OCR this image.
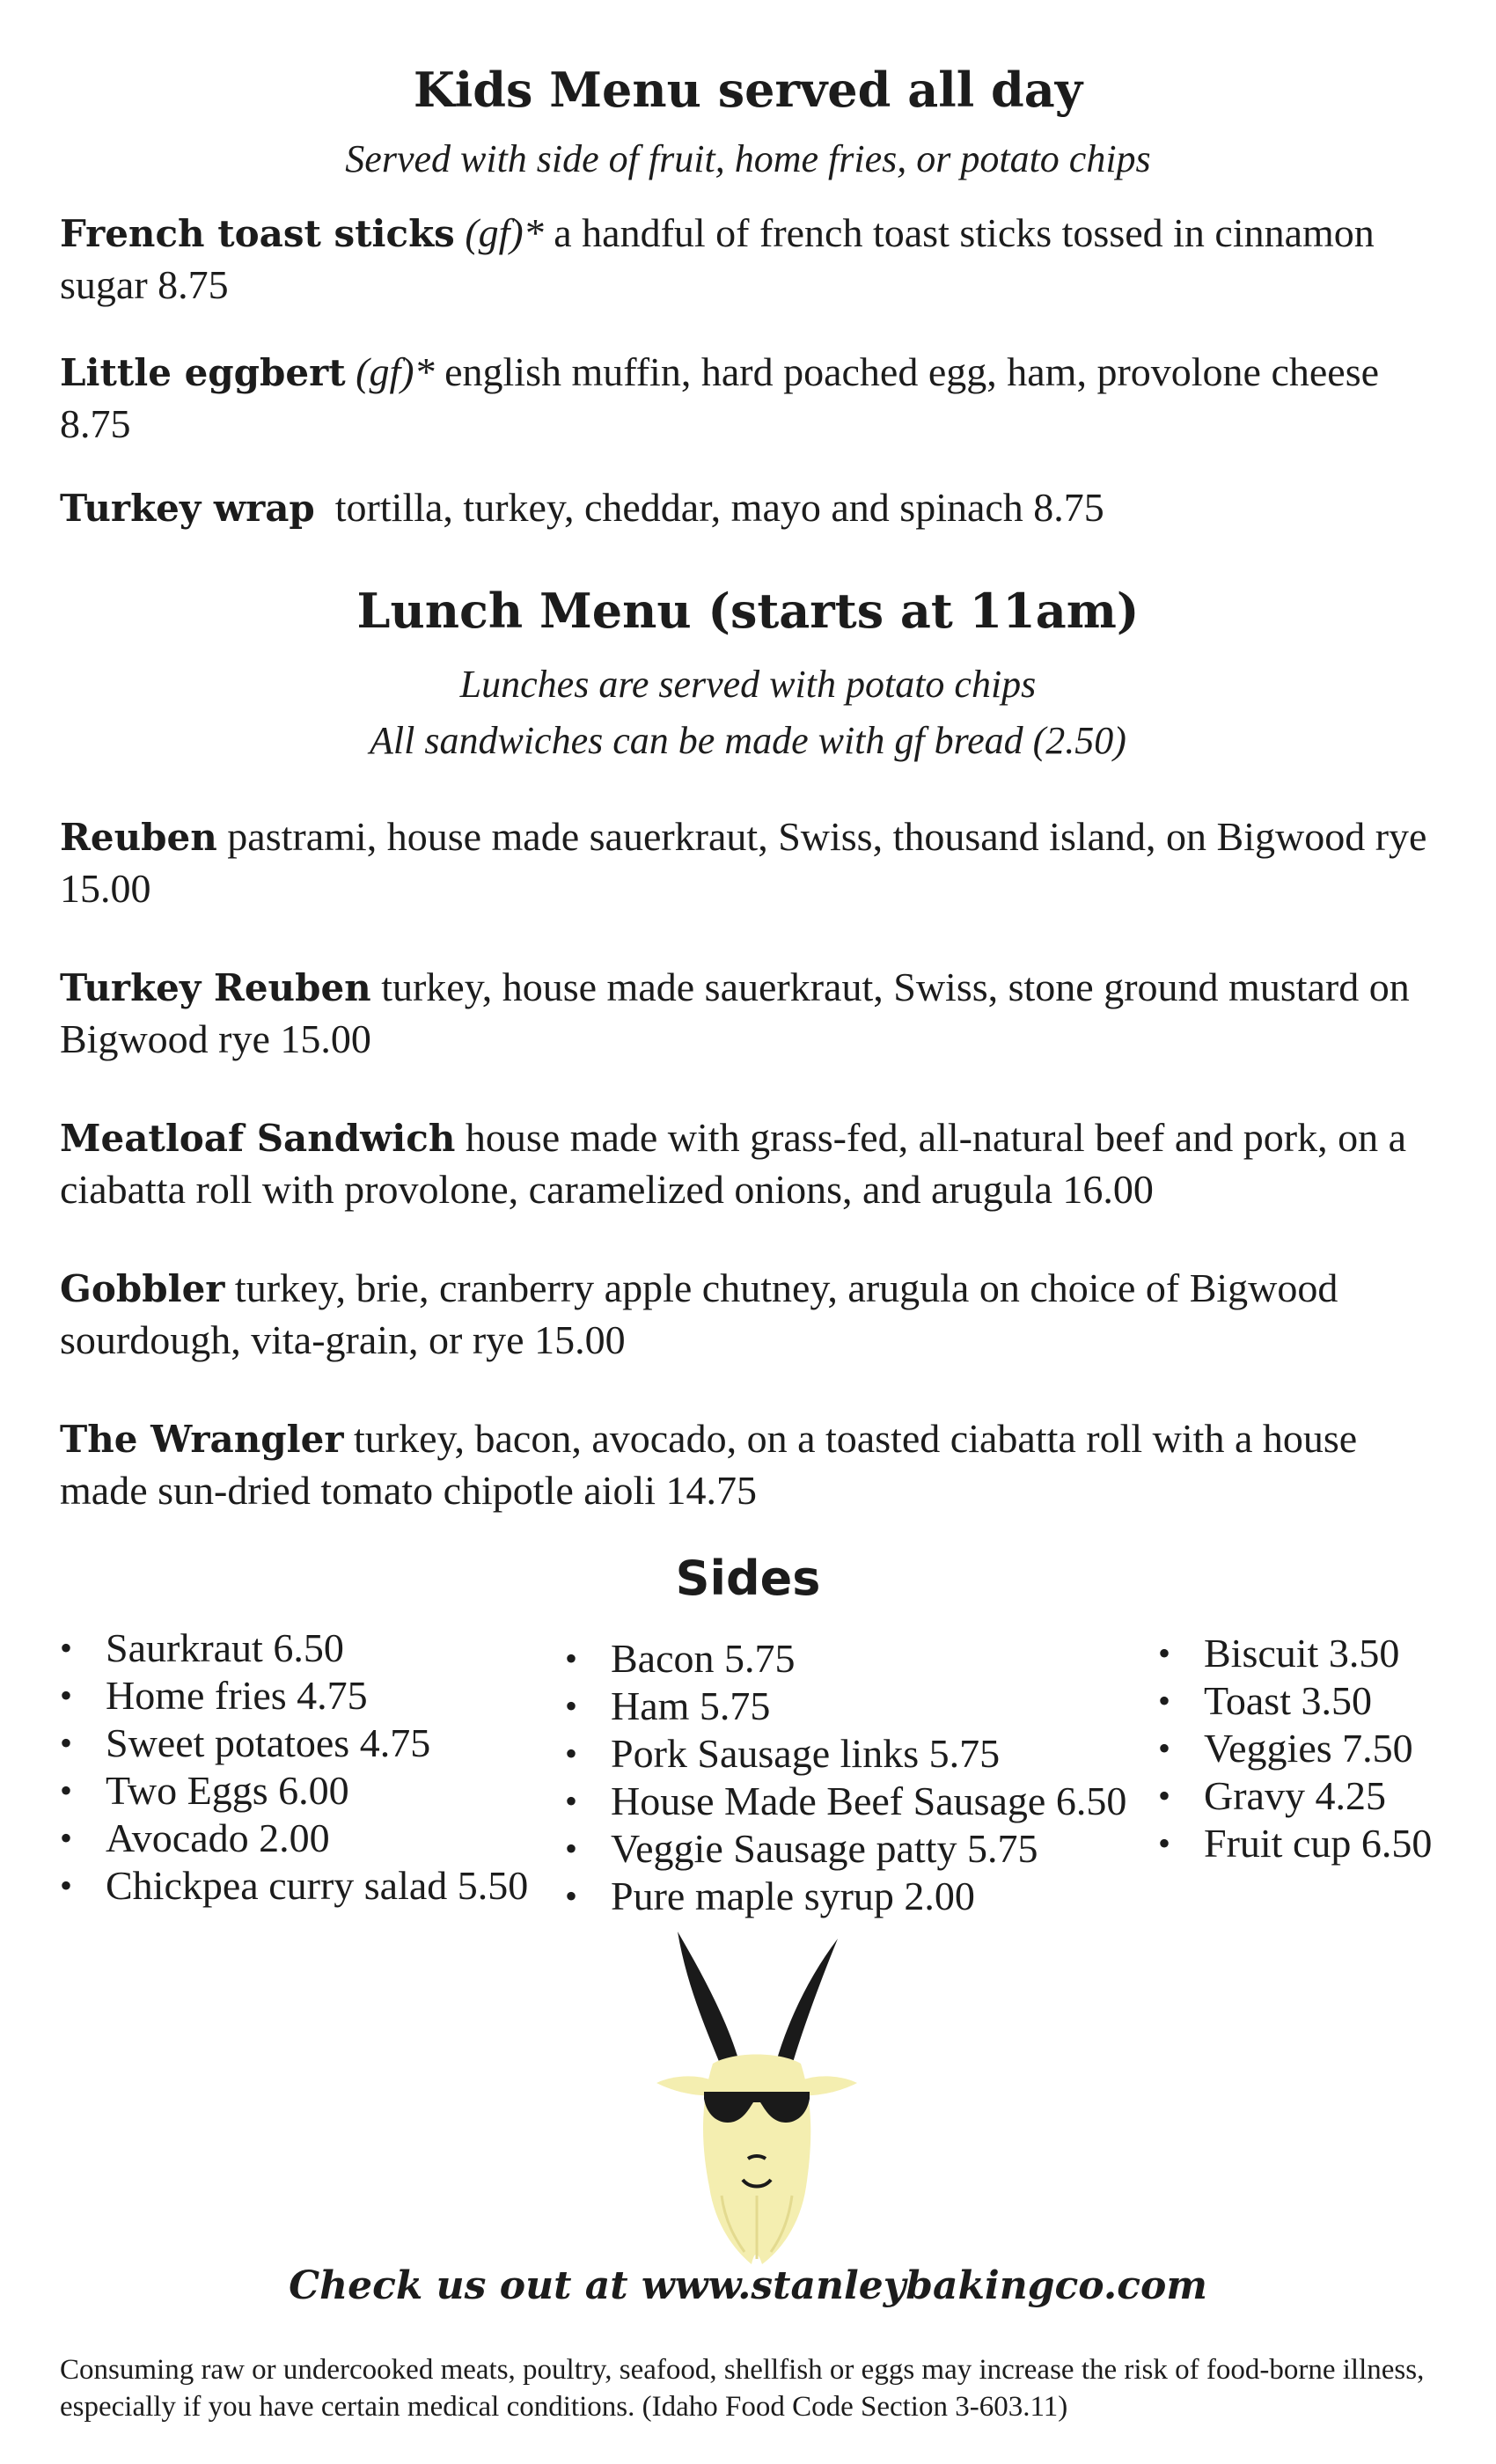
Kids Menu served all day

Served with side of fruit, home fries, or potato chips

French toast sticks (gf)* a handful of french toast sticks tossed in cinnamon sugar 8.75

Little eggbert (gf)* english muffin, hard poached egg, ham, provolone cheese 8.75

Turkey wrap tortilla, turkey, cheddar, mayo and spinach 8.75

Lunch Menu (starts at 11am)

Lunches are served with potato chips

All sandwiches can be made with gf bread (2.50)

Reuben pastrami, house made sauerkraut, Swiss, thousand island, on Bigwood rye 15.00

Turkey Reuben turkey, house made sauerkraut, Swiss, stone ground mustard on Bigwood rye 15.00

Meatloaf Sandwich house made with grass-fed, all-natural beef and pork, on a ciabatta roll with provolone, caramelized onions, and arugula 16.00

Gobbler turkey, brie, cranberry apple chutney, arugula on choice of Bigwood sourdough, vita-grain, or rye 15.00

The Wrangler turkey, bacon, avocado, on a toasted ciabatta roll with a house made sun-dried tomato chipotle aioli 14.75

Sides
• Saurkraut 6.50
• Home fries 4.75
• Sweet potatoes 4.75
• Two Eggs 6.00
• Avocado 2.00
• Chickpea curry salad 5.50
• Bacon 5.75
• Ham 5.75
• Pork Sausage links 5.75
• House Made Beef Sausage 6.50
• Veggie Sausage patty 5.75
• Pure maple syrup 2.00
• Biscuit 3.50
• Toast 3.50
• Veggies 7.50
• Gravy 4.25
• Fruit cup 6.50

Check us out at www.stanleybakingco.com

Consuming raw or undercooked meats, poultry, seafood, shellfish or eggs may increase the risk of food-borne illness, especially if you have certain medical conditions. (Idaho Food Code Section 3-603.11)
